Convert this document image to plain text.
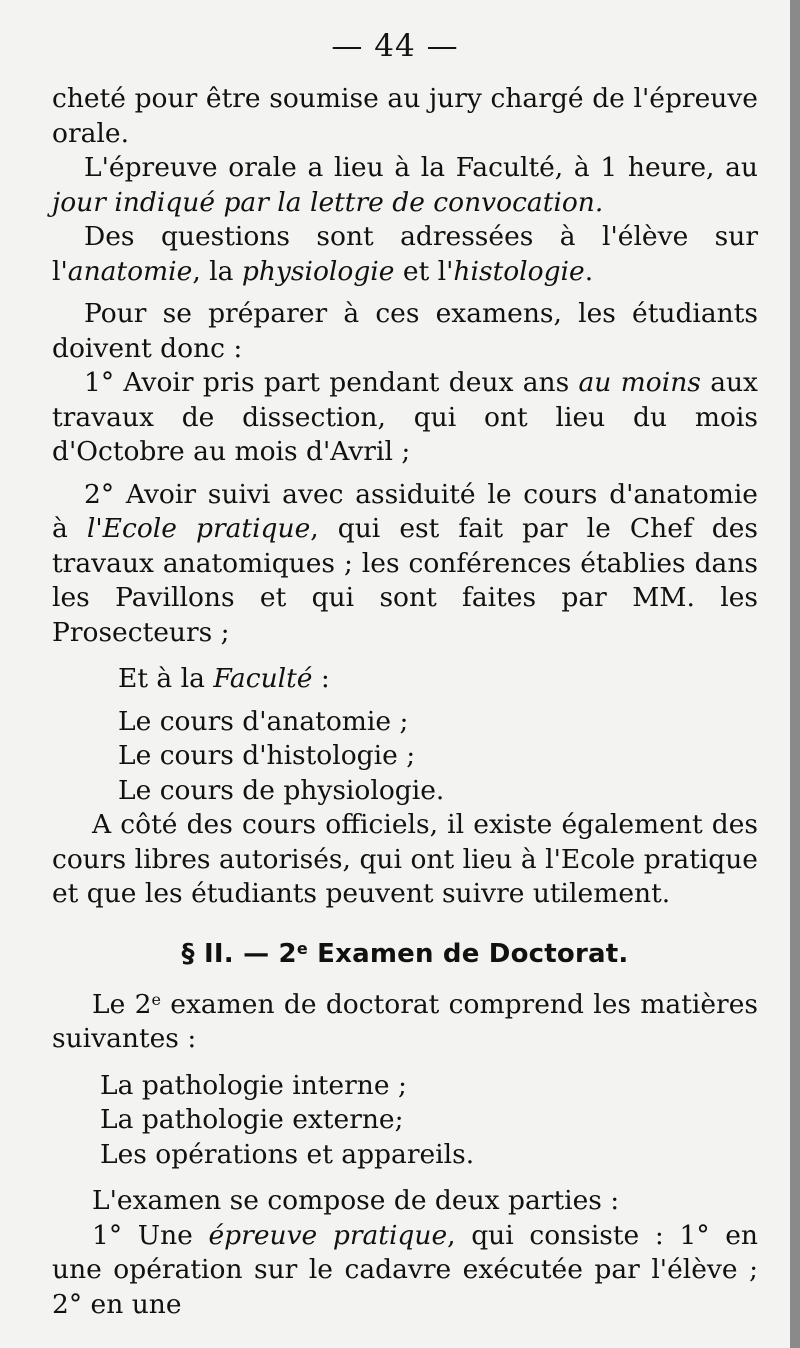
— 44 —

cheté pour être soumise au jury chargé de l'épreuve orale.

L'épreuve orale a lieu à la Faculté, à 1 heure, au jour indiqué par la lettre de convocation.

Des questions sont adressées à l'élève sur l'anatomie, la physiologie et l'histologie.

Pour se préparer à ces examens, les étudiants doivent donc :

1° Avoir pris part pendant deux ans au moins aux travaux de dissection, qui ont lieu du mois d'Octobre au mois d'Avril ;

2° Avoir suivi avec assiduité le cours d'anatomie à l'Ecole pratique, qui est fait par le Chef des travaux anatomiques ; les conférences établies dans les Pavillons et qui sont faites par MM. les Prosecteurs ;

Et à la Faculté :

Le cours d'anatomie ;

Le cours d'histologie ;

Le cours de physiologie.

A côté des cours officiels, il existe également des cours libres autorisés, qui ont lieu à l'Ecole pratique et que les étudiants peuvent suivre utilement.

§ II. — 2e Examen de Doctorat.

Le 2e examen de doctorat comprend les matières suivantes :

La pathologie interne ;

La pathologie externe;

Les opérations et appareils.

L'examen se compose de deux parties :

1° Une épreuve pratique, qui consiste : 1° en une opération sur le cadavre exécutée par l'élève ; 2° en une
